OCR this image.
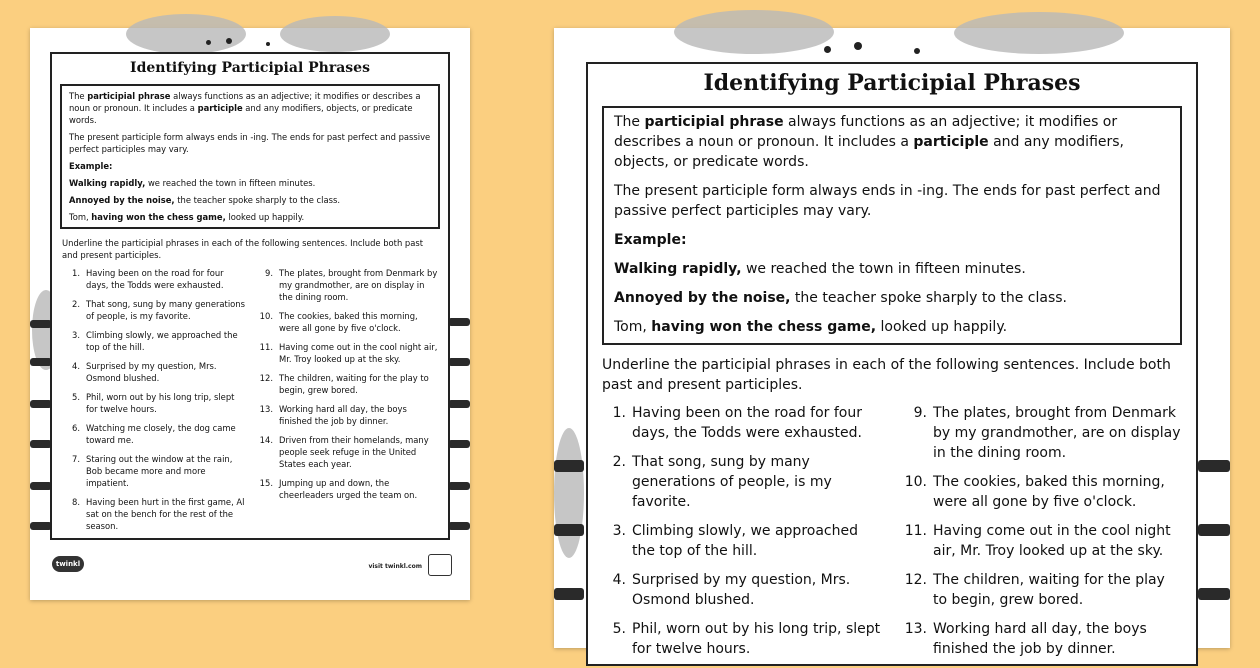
Identifying Participial Phrases

The participial phrase always functions as an adjective; it modifies or describes a noun or pronoun. It includes a participle and any modifiers, objects, or predicate words.

The present participle form always ends in -ing. The ends for past perfect and passive perfect participles may vary.

Example:

Walking rapidly, we reached the town in fifteen minutes.

Annoyed by the noise, the teacher spoke sharply to the class.

Tom, having won the chess game, looked up happily.

Underline the participial phrases in each of the following sentences. Include both past and present participles.

1. Having been on the road for four days, the Todds were exhausted.
2. That song, sung by many generations of people, is my favorite.
3. Climbing slowly, we approached the top of the hill.
4. Surprised by my question, Mrs. Osmond blushed.
5. Phil, worn out by his long trip, slept for twelve hours.
6. Watching me closely, the dog came toward me.
7. Staring out the window at the rain, Bob became more and more impatient.
8. Having been hurt in the first game, Al sat on the bench for the rest of the season.
9. The plates, brought from Denmark by my grandmother, are on display in the dining room.
10. The cookies, baked this morning, were all gone by five o'clock.
11. Having come out in the cool night air, Mr. Troy looked up at the sky.
12. The children, waiting for the play to begin, grew bored.
13. Working hard all day, the boys finished the job by dinner.
14. Driven from their homelands, many people seek refuge in the United States each year.
15. Jumping up and down, the cheerleaders urged the team on.
twinkl	visit twinkl.com
Identifying Participial Phrases

The participial phrase always functions as an adjective; it modifies or describes a noun or pronoun. It includes a participle and any modifiers, objects, or predicate words.

The present participle form always ends in -ing. The ends for past perfect and passive perfect participles may vary.

Example:

Walking rapidly, we reached the town in fifteen minutes.

Annoyed by the noise, the teacher spoke sharply to the class.

Tom, having won the chess game, looked up happily.

Underline the participial phrases in each of the following sentences. Include both past and present participles.

1. Having been on the road for four days, the Todds were exhausted.
2. That song, sung by many generations of people, is my favorite.
3. Climbing slowly, we approached the top of the hill.
4. Surprised by my question, Mrs. Osmond blushed.
5. Phil, worn out by his long trip, slept for twelve hours.
9. The plates, brought from Denmark by my grandmother, are on display in the dining room.
10. The cookies, baked this morning, were all gone by five o'clock.
11. Having come out in the cool night air, Mr. Troy looked up at the sky.
12. The children, waiting for the play to begin, grew bored.
13. Working hard all day, the boys finished the job by dinner.
